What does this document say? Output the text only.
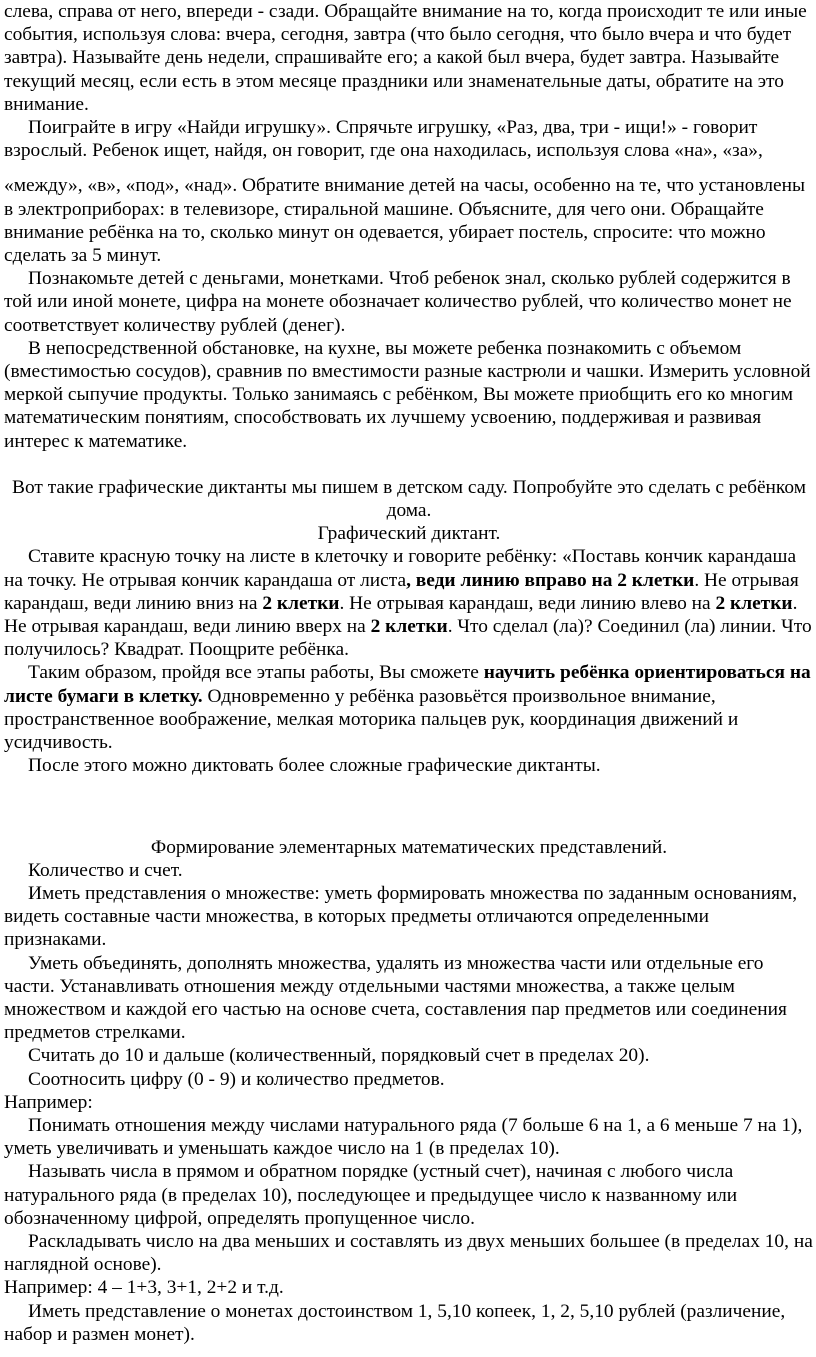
слева, справа от него, впереди - сзади. Обращайте внимание на то, когда происходит те или иные события, используя слова: вчера, сегодня, завтра (что было сегодня, что было вчера и что будет завтра). Называйте день недели, спрашивайте его; а какой был вчера, будет завтра. Называйте текущий месяц, если есть в этом месяце праздники или знаменательные даты, обратите на это внимание.

Поиграйте в игру «Найди игрушку». Спрячьте игрушку, «Раз, два, три - ищи!» - говорит взрослый. Ребенок ищет, найдя, он говорит, где она находилась, используя слова «на», «за»,

«между», «в», «под», «над». Обратите внимание детей на часы, особенно на те, что установлены в электроприборах: в телевизоре, стиральной машине. Объясните, для чего они. Обращайте внимание ребёнка на то, сколько минут он одевается, убирает постель, спросите: что можно сделать за 5 минут.

Познакомьте детей с деньгами, монетками. Чтоб ребенок знал, сколько рублей содержится в той или иной монете, цифра на монете обозначает количество рублей, что количество монет не соответствует количеству рублей (денег).

В непосредственной обстановке, на кухне, вы можете ребенка познакомить с объемом (вместимостью сосудов), сравнив по вместимости разные кастрюли и чашки. Измерить условной меркой сыпучие продукты. Только занимаясь с ребёнком, Вы можете приобщить его ко многим математическим понятиям, способствовать их лучшему усвоению, поддерживая и развивая интерес к математике.

Вот такие графические диктанты мы пишем в детском саду. Попробуйте это сделать с ребёнком дома.

Графический диктант.

Ставите красную точку на листе в клеточку и говорите ребёнку: «Поставь кончик карандаша на точку. Не отрывая кончик карандаша от листа, веди линию вправо на 2 клетки. Не отрывая карандаш, веди линию вниз на 2 клетки. Не отрывая карандаш, веди линию влево на 2 клетки. Не отрывая карандаш, веди линию вверх на 2 клетки. Что сделал (ла)? Соединил (ла) линии. Что получилось? Квадрат. Поощрите ребёнка.

Таким образом, пройдя все этапы работы, Вы сможете научить ребёнка ориентироваться на листе бумаги в клетку. Одновременно у ребёнка разовьётся произвольное внимание, пространственное воображение, мелкая моторика пальцев рук, координация движений и усидчивость.

После этого можно диктовать более сложные графические диктанты.

Формирование элементарных математических представлений.

Количество и счет.

Иметь представления о множестве: уметь формировать множества по заданным основаниям, видеть составные части множества, в которых предметы отличаются определенными признаками.

Уметь объединять, дополнять множества, удалять из множества части или отдельные его части. Устанавливать отношения между отдельными частями множества, а также целым множеством и каждой его частью на основе счета, составления пар предметов или соединения предметов стрелками.

Считать до 10 и дальше (количественный, порядковый счет в пределах 20).

Соотносить цифру (0 - 9) и количество предметов.

Например:

Понимать отношения между числами натурального ряда (7 больше 6 на 1, а 6 меньше 7 на 1), уметь увеличивать и уменьшать каждое число на 1 (в пределах 10).

Называть числа в прямом и обратном порядке (устный счет), начиная с любого числа натурального ряда (в пределах 10), последующее и предыдущее число к названному или обозначенному цифрой, определять пропущенное число.

Раскладывать число на два меньших и составлять из двух меньших большее (в пределах 10, на наглядной основе).

Например: 4 – 1+3, 3+1, 2+2 и т.д.

Иметь представление о монетах достоинством 1, 5,10 копеек, 1, 2, 5,10 рублей (различение, набор и размен монет).
